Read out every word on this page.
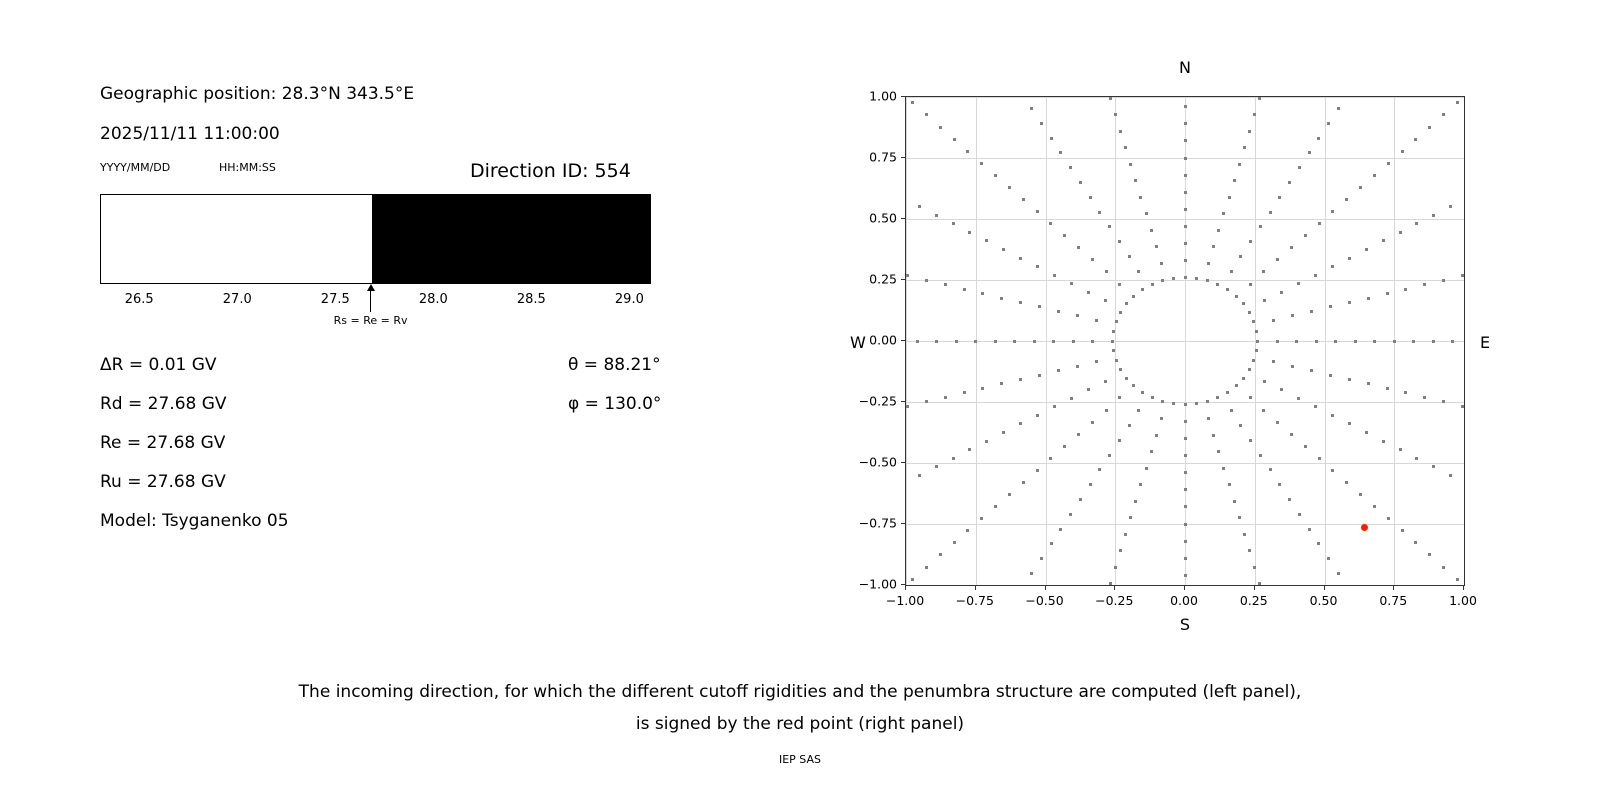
Geographic position: 28.3°N 343.5°E
2025/11/11 11:00:00
YYYY/MM/DD	HH:MM:SS	Direction ID: 554
Rs = Re = Rv
26.5	27.0	27.5	28.0	28.5	29.0
ΔR = 0.01 GV
Rd = 27.68 GV
Re = 27.68 GV
Ru = 27.68 GV
Model: Tsyganenko 05
θ = 88.21°
φ = 130.0°
N
S
W	E
−1.00
−0.75
−0.50
−0.25
0.00
0.25
0.50
0.75
1.00
−1.00	−0.75	−0.50	−0.25	0.00	0.25	0.50	0.75	1.00
The incoming direction, for which the different cutoff rigidities and the penumbra structure are computed (left panel),
is signed by the red point (right panel)
IEP SAS
